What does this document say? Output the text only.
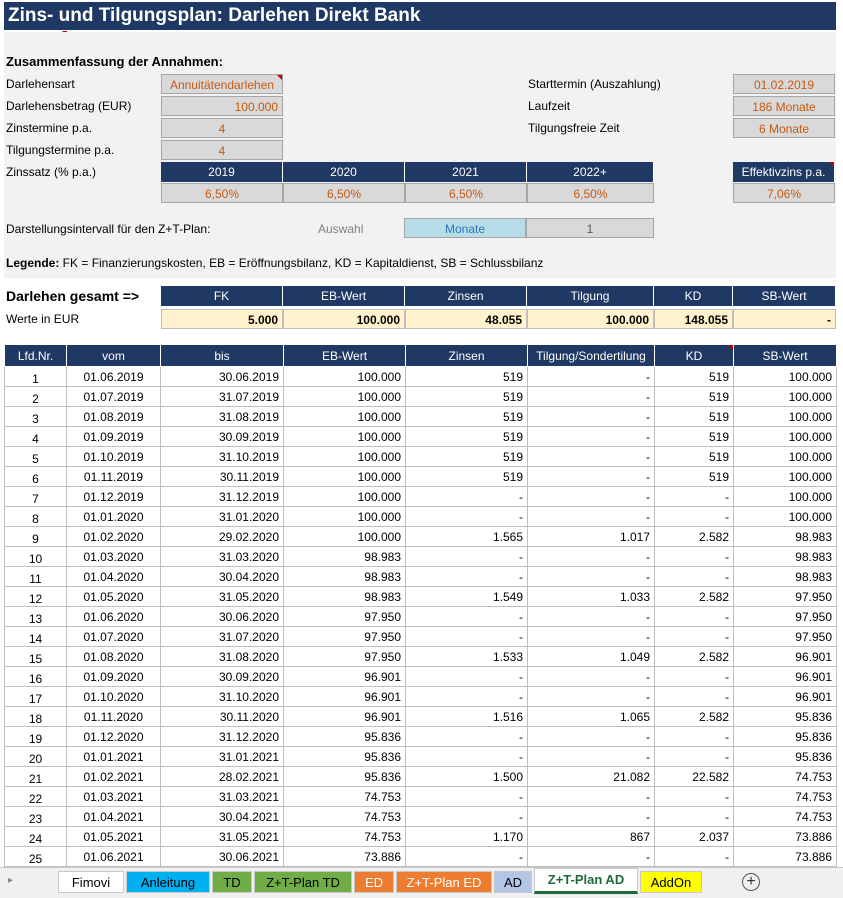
Zins- und Tilgungsplan: Darlehen Direkt Bank
Zusammenfassung der Annahmen:
Darlehensart	Annuitätendarlehen
Darlehensbetrag (EUR)	100.000
Zinstermine p.a.	4
Tilgungstermine p.a.	4
Zinssatz (% p.a.)	2019	2020	2021	2022+
6,50%	6,50%	6,50%	6,50%
Starttermin (Auszahlung)	01.02.2019
Laufzeit	186 Monate
Tilgungsfreie Zeit	6 Monate
Effektivzins p.a.
7,06%
Darstellungsintervall für den Z+T-Plan:	Auswahl	Monate	1
Legende: FK = Finanzierungskosten, EB = Eröffnungsbilanz, KD = Kapitaldienst, SB = Schlussbilanz
Darlehen gesamt =>
Werte in EUR
FK	EB-Wert	Zinsen	Tilgung	KD	SB-Wert
5.000	100.000	48.055	100.000	148.055	-
Lfd.Nr.	vom	bis	EB-Wert	Zinsen	Tilgung/Sondertilung	KD	SB-Wert
1	01.06.2019	30.06.2019	100.000	519	-	519	100.000
2	01.07.2019	31.07.2019	100.000	519	-	519	100.000
3	01.08.2019	31.08.2019	100.000	519	-	519	100.000
4	01.09.2019	30.09.2019	100.000	519	-	519	100.000
5	01.10.2019	31.10.2019	100.000	519	-	519	100.000
6	01.11.2019	30.11.2019	100.000	519	-	519	100.000
7	01.12.2019	31.12.2019	100.000	-	-	-	100.000
8	01.01.2020	31.01.2020	100.000	-	-	-	100.000
9	01.02.2020	29.02.2020	100.000	1.565	1.017	2.582	98.983
10	01.03.2020	31.03.2020	98.983	-	-	-	98.983
11	01.04.2020	30.04.2020	98.983	-	-	-	98.983
12	01.05.2020	31.05.2020	98.983	1.549	1.033	2.582	97.950
13	01.06.2020	30.06.2020	97.950	-	-	-	97.950
14	01.07.2020	31.07.2020	97.950	-	-	-	97.950
15	01.08.2020	31.08.2020	97.950	1.533	1.049	2.582	96.901
16	01.09.2020	30.09.2020	96.901	-	-	-	96.901
17	01.10.2020	31.10.2020	96.901	-	-	-	96.901
18	01.11.2020	30.11.2020	96.901	1.516	1.065	2.582	95.836
19	01.12.2020	31.12.2020	95.836	-	-	-	95.836
20	01.01.2021	31.01.2021	95.836	-	-	-	95.836
21	01.02.2021	28.02.2021	95.836	1.500	21.082	22.582	74.753
22	01.03.2021	31.03.2021	74.753	-	-	-	74.753
23	01.04.2021	30.04.2021	74.753	-	-	-	74.753
24	01.05.2021	31.05.2021	74.753	1.170	867	2.037	73.886
25	01.06.2021	30.06.2021	73.886	-	-	-	73.886
▸	Fimovi	Anleitung	TD	Z+T-Plan TD	ED	Z+T-Plan ED	AD	Z+T-Plan AD	AddOn	+
